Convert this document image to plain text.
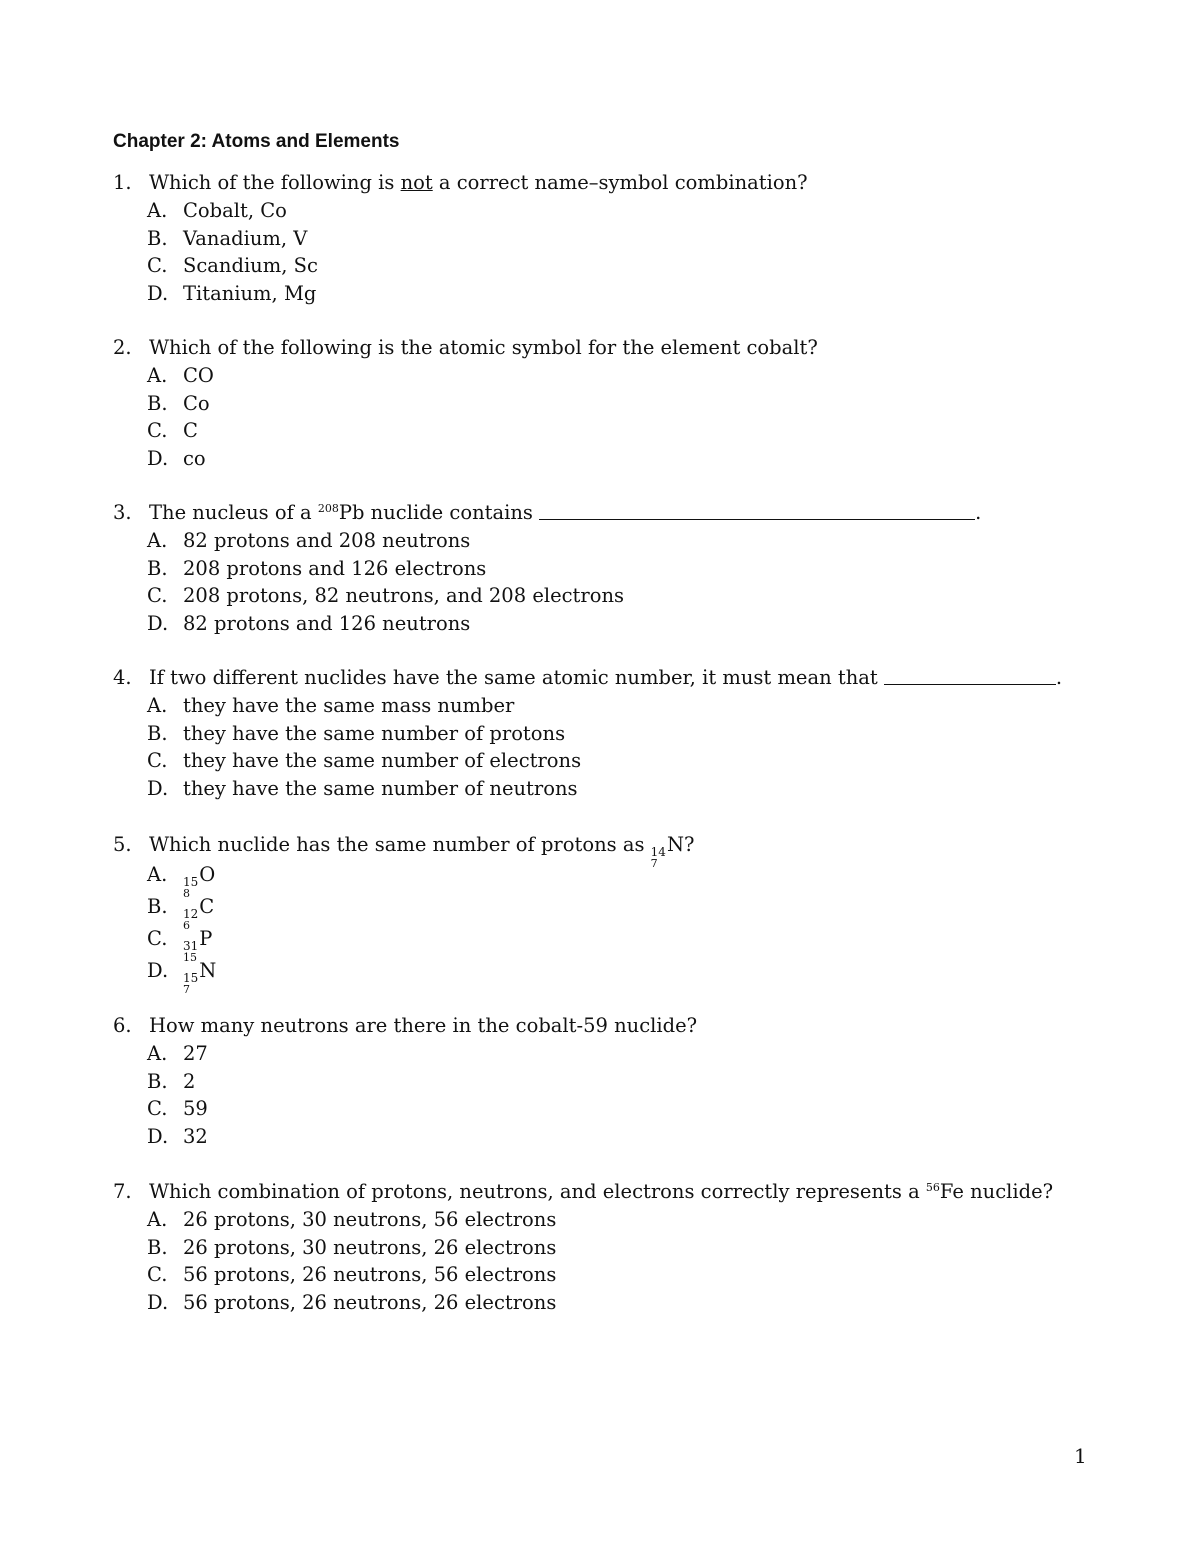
Chapter 2: Atoms and Elements
1. Which of the following is not a correct name–symbol combination?
A. Cobalt, Co
B. Vanadium, V
C. Scandium, Sc
D. Titanium, Mg
2. Which of the following is the atomic symbol for the element cobalt?
A. CO
B. Co
C. C
D. co
3. The nucleus of a $^{208}$Pb nuclide contains	.
A. 82 protons and 208 neutrons
B. 208 protons and 126 electrons
C. 208 protons, 82 neutrons, and 208 electrons
D. 82 protons and 126 neutrons
4. If two different nuclides have the same atomic number, it must mean that	.
A. they have the same mass number
B. they have the same number of protons
C. they have the same number of electrons
D. they have the same number of neutrons
5. Which nuclide has the same number of protons as 14
7
N?
A. 15
8
O
B. 12
6
C
C. 31
15
P
D. 15
7
N
6. How many neutrons are there in the cobalt-59 nuclide?
A. 27
B. 2
C. 59
D. 32
7. Which combination of protons, neutrons, and electrons correctly represents a $^{56}$Fe nuclide?
A. 26 protons, 30 neutrons, 56 electrons
B. 26 protons, 30 neutrons, 26 electrons
C. 56 protons, 26 neutrons, 56 electrons
D. 56 protons, 26 neutrons, 26 electrons
1
